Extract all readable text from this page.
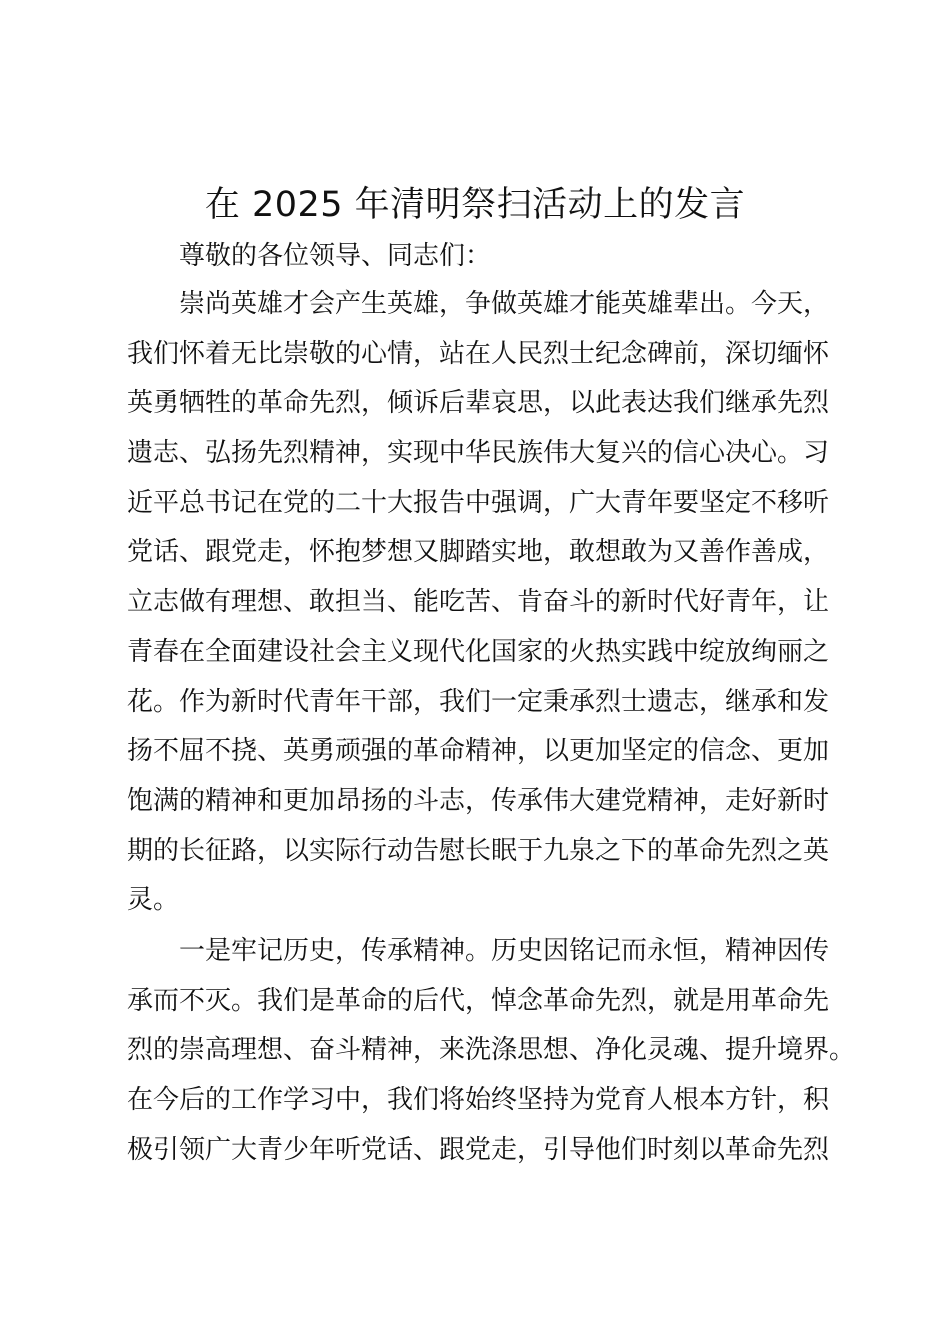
在 2025 年清明祭扫活动上的发言

尊敬的各位领导、同志们：

崇尚英雄才会产生英雄，争做英雄才能英雄辈出。今天，
我们怀着无比崇敬的心情，站在人民烈士纪念碑前，深切缅怀
英勇牺牲的革命先烈，倾诉后辈哀思，以此表达我们继承先烈
遗志、弘扬先烈精神，实现中华民族伟大复兴的信心决心。习
近平总书记在党的二十大报告中强调，广大青年要坚定不移听
党话、跟党走，怀抱梦想又脚踏实地，敢想敢为又善作善成，
立志做有理想、敢担当、能吃苦、肯奋斗的新时代好青年，让
青春在全面建设社会主义现代化国家的火热实践中绽放绚丽之
花。作为新时代青年干部，我们一定秉承烈士遗志，继承和发
扬不屈不挠、英勇顽强的革命精神，以更加坚定的信念、更加
饱满的精神和更加昂扬的斗志，传承伟大建党精神，走好新时
期的长征路，以实际行动告慰长眠于九泉之下的革命先烈之英
灵。

一是牢记历史，传承精神。历史因铭记而永恒，精神因传
承而不灭。我们是革命的后代，悼念革命先烈，就是用革命先
烈的崇高理想、奋斗精神，来洗涤思想、净化灵魂、提升境界。
在今后的工作学习中，我们将始终坚持为党育人根本方针，积
极引领广大青少年听党话、跟党走，引导他们时刻以革命先烈
